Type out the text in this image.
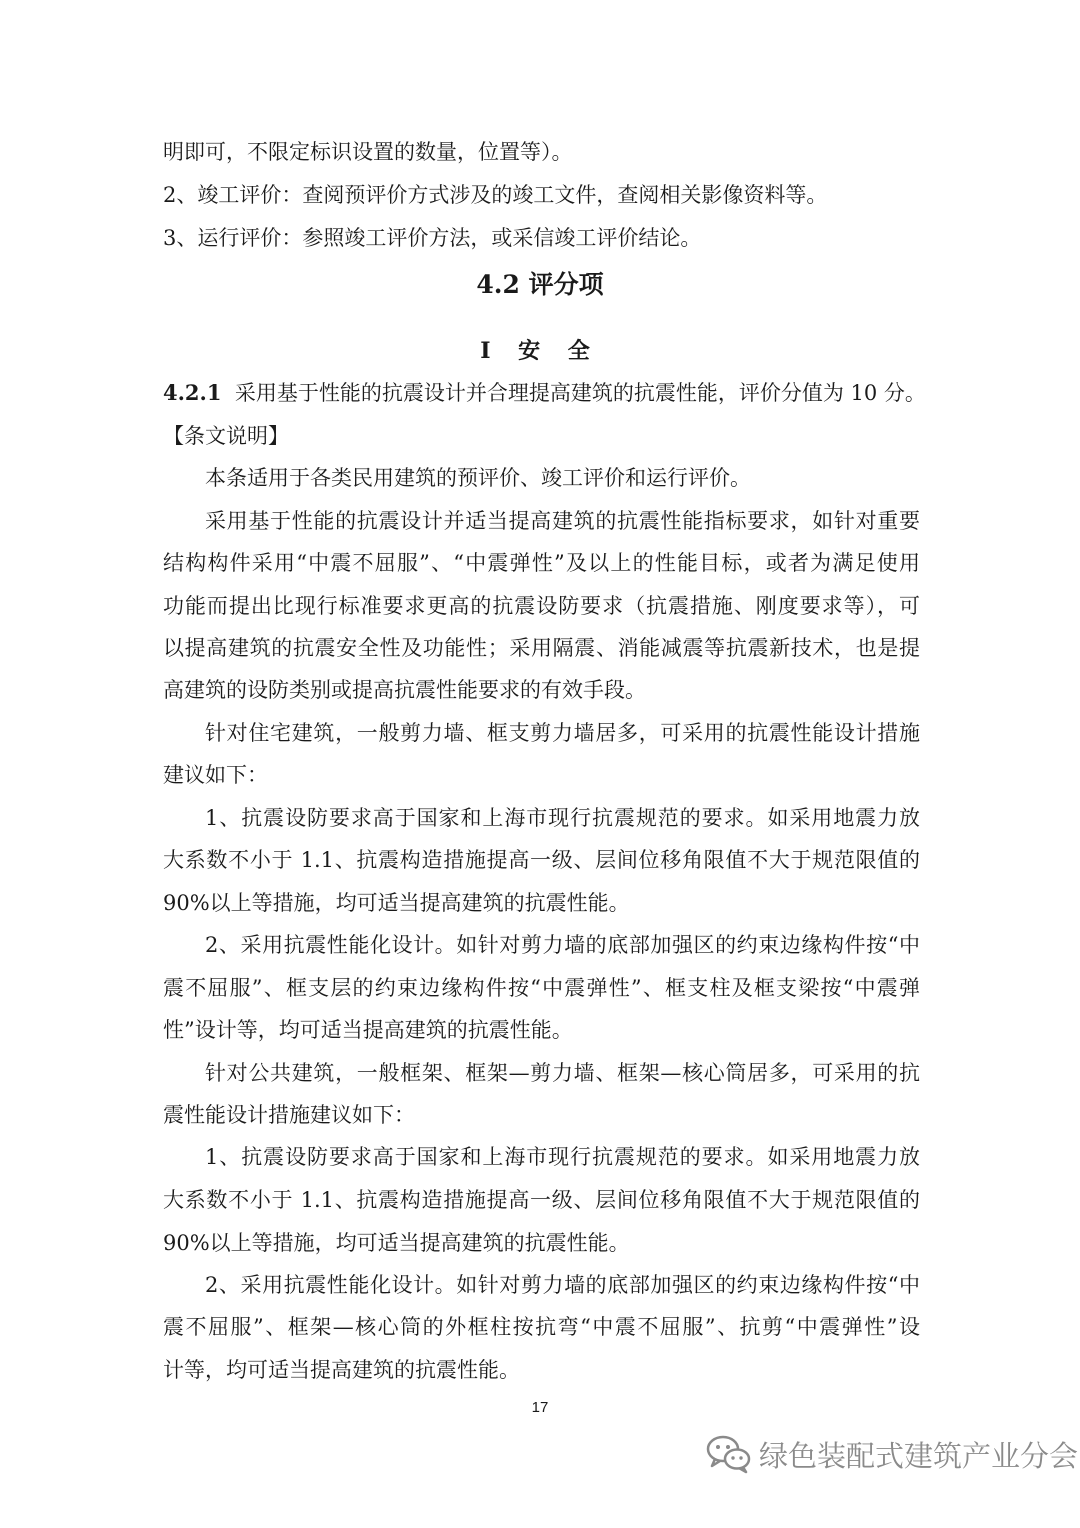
明即可，不限定标识设置的数量，位置等）。

2、竣工评价：查阅预评价方式涉及的竣工文件，查阅相关影像资料等。

3、运行评价：参照竣工评价方法，或采信竣工评价结论。

4.2 评分项
I 安 全

4.2.1 采用基于性能的抗震设计并合理提高建筑的抗震性能，评价分值为 10 分。

【条文说明】

本条适用于各类民用建筑的预评价、竣工评价和运行评价。

采用基于性能的抗震设计并适当提高建筑的抗震性能指标要求，如针对重要

结构构件采用“中震不屈服”、“中震弹性”及以上的性能目标，或者为满足使用

功能而提出比现行标准要求更高的抗震设防要求（抗震措施、刚度要求等），可

以提高建筑的抗震安全性及功能性；采用隔震、消能减震等抗震新技术，也是提

高建筑的设防类别或提高抗震性能要求的有效手段。

针对住宅建筑，一般剪力墙、框支剪力墙居多，可采用的抗震性能设计措施

建议如下：

1、抗震设防要求高于国家和上海市现行抗震规范的要求。如采用地震力放

大系数不小于 1.1、抗震构造措施提高一级、层间位移角限值不大于规范限值的

90%以上等措施，均可适当提高建筑的抗震性能。

2、采用抗震性能化设计。如针对剪力墙的底部加强区的约束边缘构件按“中

震不屈服”、框支层的约束边缘构件按“中震弹性”、框支柱及框支梁按“中震弹

性”设计等，均可适当提高建筑的抗震性能。

针对公共建筑，一般框架、框架—剪力墙、框架—核心筒居多，可采用的抗

震性能设计措施建议如下：

1、抗震设防要求高于国家和上海市现行抗震规范的要求。如采用地震力放

大系数不小于 1.1、抗震构造措施提高一级、层间位移角限值不大于规范限值的

90%以上等措施，均可适当提高建筑的抗震性能。

2、采用抗震性能化设计。如针对剪力墙的底部加强区的约束边缘构件按“中

震不屈服”、框架—核心筒的外框柱按抗弯“中震不屈服”、抗剪“中震弹性”设

计等，均可适当提高建筑的抗震性能。

17
绿色装配式建筑产业分会
